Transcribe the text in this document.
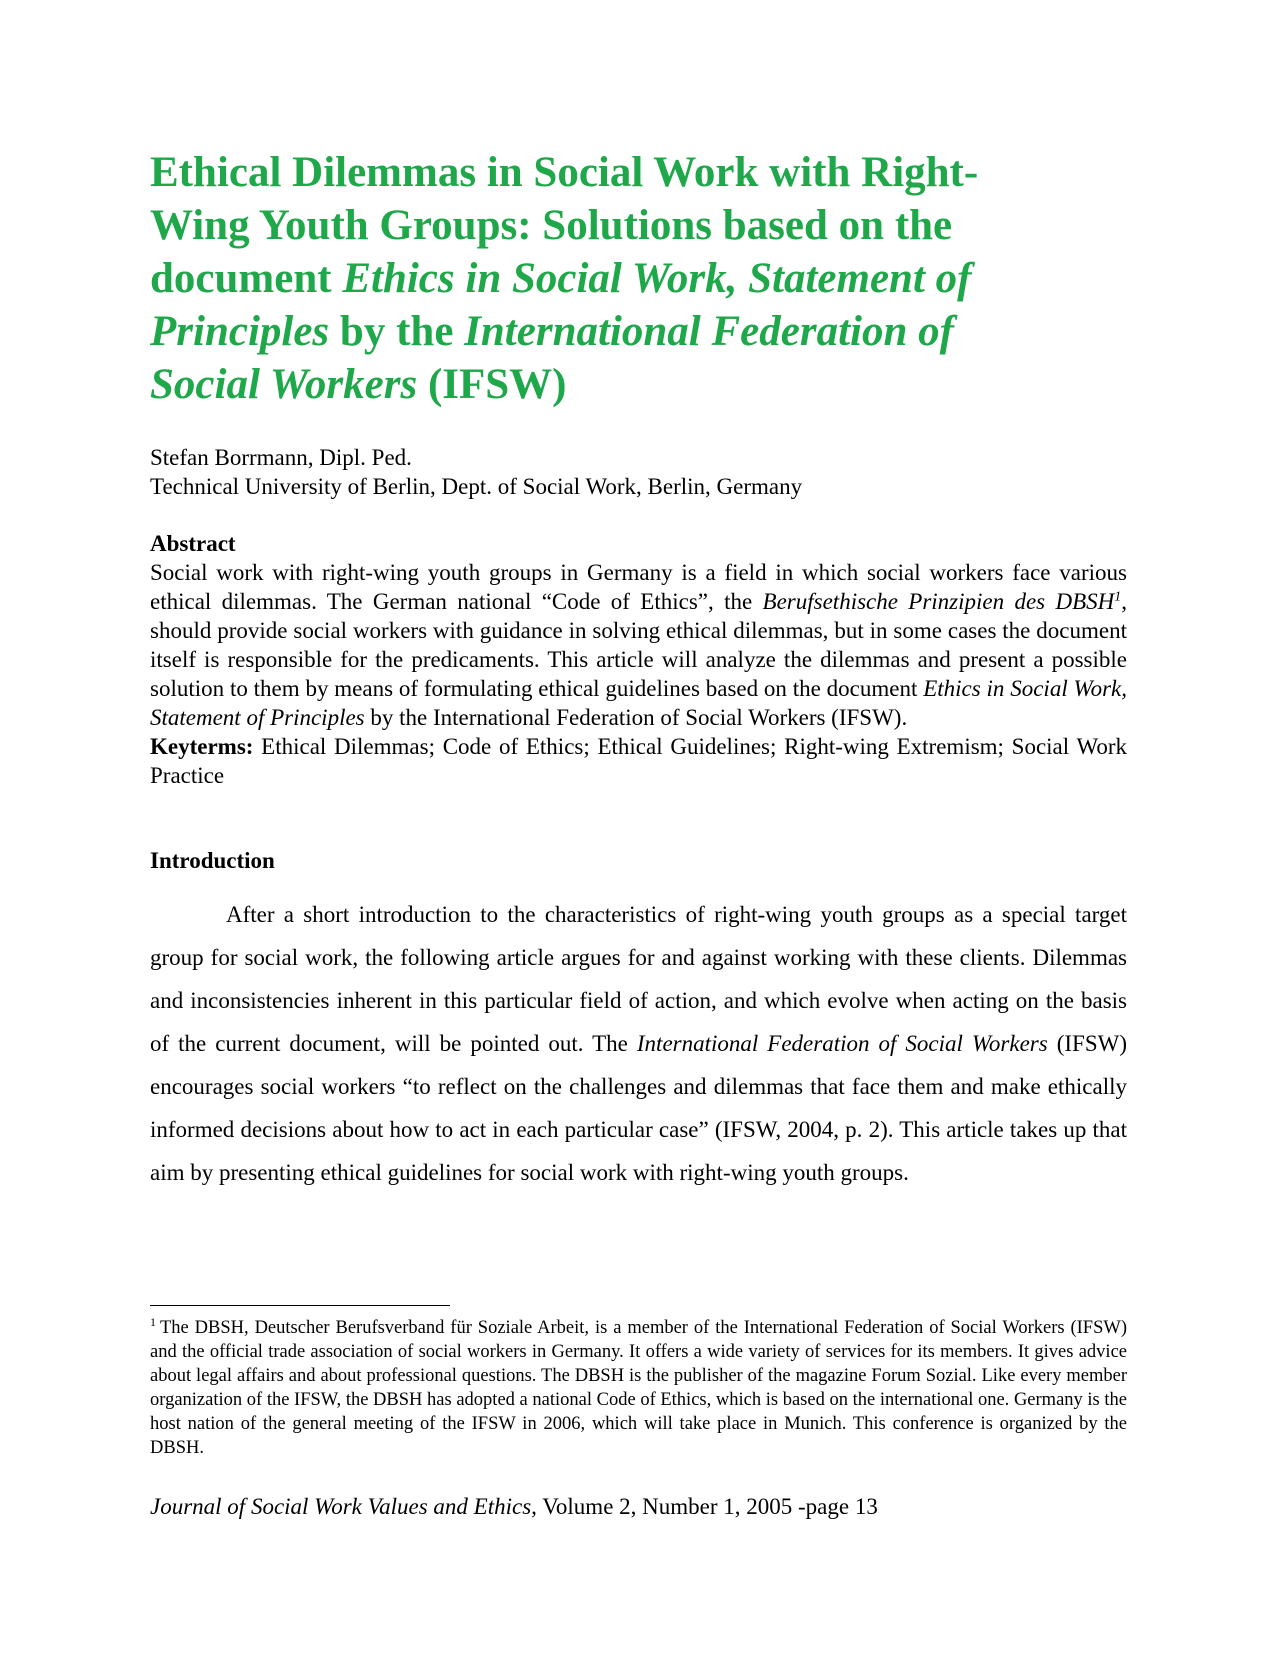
Ethical Dilemmas in Social Work with Right-Wing Youth Groups: Solutions based on the document Ethics in Social Work, Statement of Principles by the International Federation of Social Workers (IFSW)
Stefan Borrmann, Dipl. Ped.
Technical University of Berlin, Dept. of Social Work, Berlin, Germany
Abstract

Social work with right-wing youth groups in Germany is a field in which social workers face various ethical dilemmas. The German national “Code of Ethics”, the Berufsethische Prinzipien des DBSH$^1$, should provide social workers with guidance in solving ethical dilemmas, but in some cases the document itself is responsible for the predicaments. This article will analyze the dilemmas and present a possible solution to them by means of formulating ethical guidelines based on the document Ethics in Social Work, Statement of Principles by the International Federation of Social Workers (IFSW).

Keyterms: Ethical Dilemmas; Code of Ethics; Ethical Guidelines; Right-wing Extremism; Social Work Practice

Introduction

After a short introduction to the characteristics of right-wing youth groups as a special target group for social work, the following article argues for and against working with these clients. Dilemmas and inconsistencies inherent in this particular field of action, and which evolve when acting on the basis of the current document, will be pointed out. The International Federation of Social Workers (IFSW) encourages social workers “to reflect on the challenges and dilemmas that face them and make ethically informed decisions about how to act in each particular case” (IFSW, 2004, p. 2). This article takes up that aim by presenting ethical guidelines for social work with right-wing youth groups.

$^1$ The DBSH, Deutscher Berufsverband für Soziale Arbeit, is a member of the International Federation of Social Workers (IFSW) and the official trade association of social workers in Germany. It offers a wide variety of services for its members. It gives advice about legal affairs and about professional questions. The DBSH is the publisher of the magazine Forum Sozial. Like every member organization of the IFSW, the DBSH has adopted a national Code of Ethics, which is based on the international one. Germany is the host nation of the general meeting of the IFSW in 2006, which will take place in Munich. This conference is organized by the DBSH.

Journal of Social Work Values and Ethics, Volume 2, Number 1, 2005 -page 13
